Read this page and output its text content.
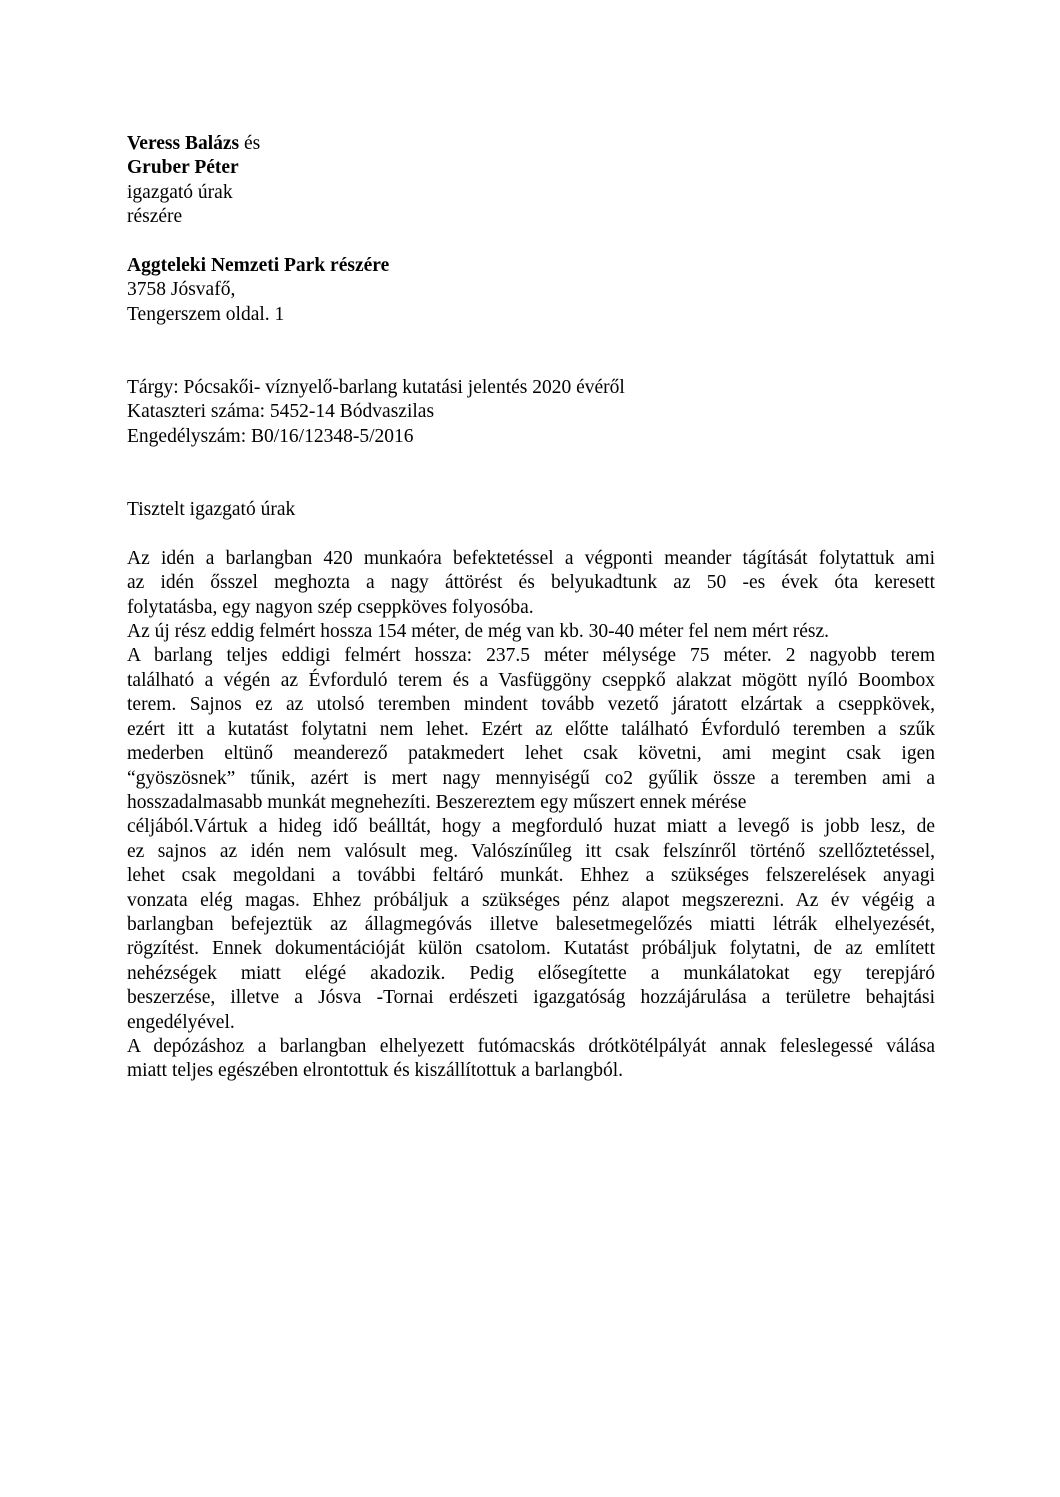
Veress Balázs és
Gruber Péter
igazgató úrak
részére
Aggteleki Nemzeti Park részére
3758 Jósvafő,
Tengerszem oldal. 1
Tárgy: Pócsakői- víznyelő-barlang kutatási jelentés 2020 évéről
Kataszteri száma: 5452-14 Bódvaszilas
Engedélyszám: B0/16/12348-5/2016
Tisztelt igazgató úrak
Az idén a barlangban 420 munkaóra befektetéssel a végponti meander tágítását folytattuk ami
az idén ősszel meghozta a nagy áttörést és belyukadtunk az 50 -es évek óta keresett
folytatásba, egy nagyon szép cseppköves folyosóba.
Az új rész eddig felmért hossza 154 méter, de még van kb. 30-40 méter fel nem mért rész.
A barlang teljes eddigi felmért hossza: 237.5 méter mélysége 75 méter. 2 nagyobb terem
található a végén az Évforduló terem és a Vasfüggöny cseppkő alakzat mögött nyíló Boombox
terem. Sajnos ez az utolsó teremben mindent tovább vezető járatott elzártak a cseppkövek,
ezért itt a kutatást folytatni nem lehet. Ezért az előtte található Évforduló teremben a szűk
mederben eltünő meanderező patakmedert lehet csak követni, ami megint csak igen
“gyöszösnek” tűnik, azért is mert nagy mennyiségű co2 gyűlik össze a teremben ami a
hosszadalmasabb munkát megnehezíti. Beszereztem egy műszert ennek mérése
céljából.Vártuk a hideg idő beálltát, hogy a megforduló huzat miatt a levegő is jobb lesz, de
ez sajnos az idén nem valósult meg. Valószínűleg itt csak felszínről történő szellőztetéssel,
lehet csak megoldani a további feltáró munkát. Ehhez a szükséges felszerelések anyagi
vonzata elég magas. Ehhez próbáljuk a szükséges pénz alapot megszerezni. Az év végéig a
barlangban befejeztük az állagmegóvás illetve balesetmegelőzés miatti létrák elhelyezését,
rögzítést. Ennek dokumentációját külön csatolom. Kutatást próbáljuk folytatni, de az említett
nehézségek miatt elégé akadozik. Pedig elősegítette a munkálatokat egy terepjáró
beszerzése, illetve a Jósva -Tornai erdészeti igazgatóság hozzájárulása a területre behajtási
engedélyével.
A depózáshoz a barlangban elhelyezett futómacskás drótkötélpályát annak feleslegessé válása
miatt teljes egészében elrontottuk és kiszállítottuk a barlangból.
